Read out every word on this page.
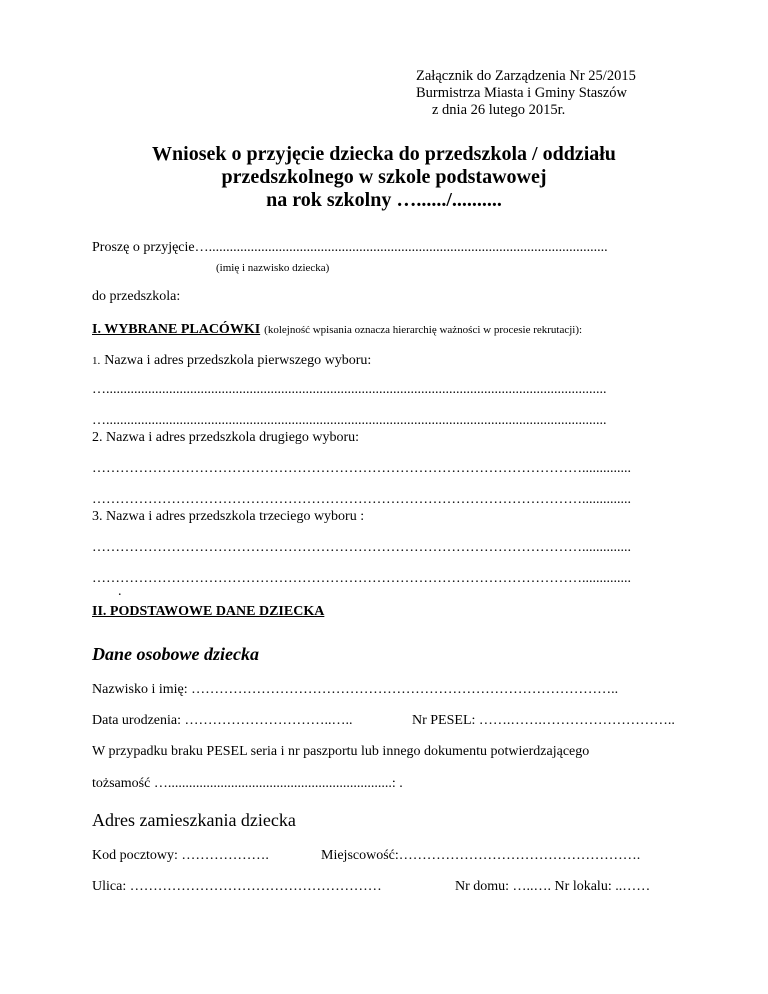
Załącznik do Zarządzenia Nr 25/2015
Burmistrza Miasta i Gminy Staszów
z dnia 26 lutego 2015r.
Wniosek o przyjęcie dziecka do przedszkola / oddziału
przedszkolnego w szkole podstawowej
na rok szkolny …....../..........
Proszę o przyjęcie…..................................................................................................................
(imię i nazwisko dziecka)
do przedszkola:
I. WYBRANE PLACÓWKI (kolejność wpisania oznacza hierarchię ważności w procesie rekrutacji):
1. Nazwa i adres przedszkola pierwszego wyboru:
…...............................................................................................................................................
…...............................................................................................................................................
2. Nazwa i adres przedszkola drugiego wyboru:
……………………………………………………………………………………………..............
……………………………………………………………………………………………..............
3. Nazwa i adres przedszkola trzeciego wyboru :
……………………………………………………………………………………………..............
……………………………………………………………………………………………..............
.
II. PODSTAWOWE DANE DZIECKA
Dane osobowe dziecka
Nazwisko i imię: ………………………………………………………………………………..
Data urodzenia: …………………………..…..	Nr PESEL: …….…….………………………..
W przypadku braku PESEL seria i nr paszportu lub innego dokumentu potwierdzającego
tożsamość …................................................................: .
Adres zamieszkania dziecka
Kod pocztowy: ……………….	Miejscowość:…………………………………………….
Ulica: ………………………………………………	Nr domu: …..…. Nr lokalu: ..……
